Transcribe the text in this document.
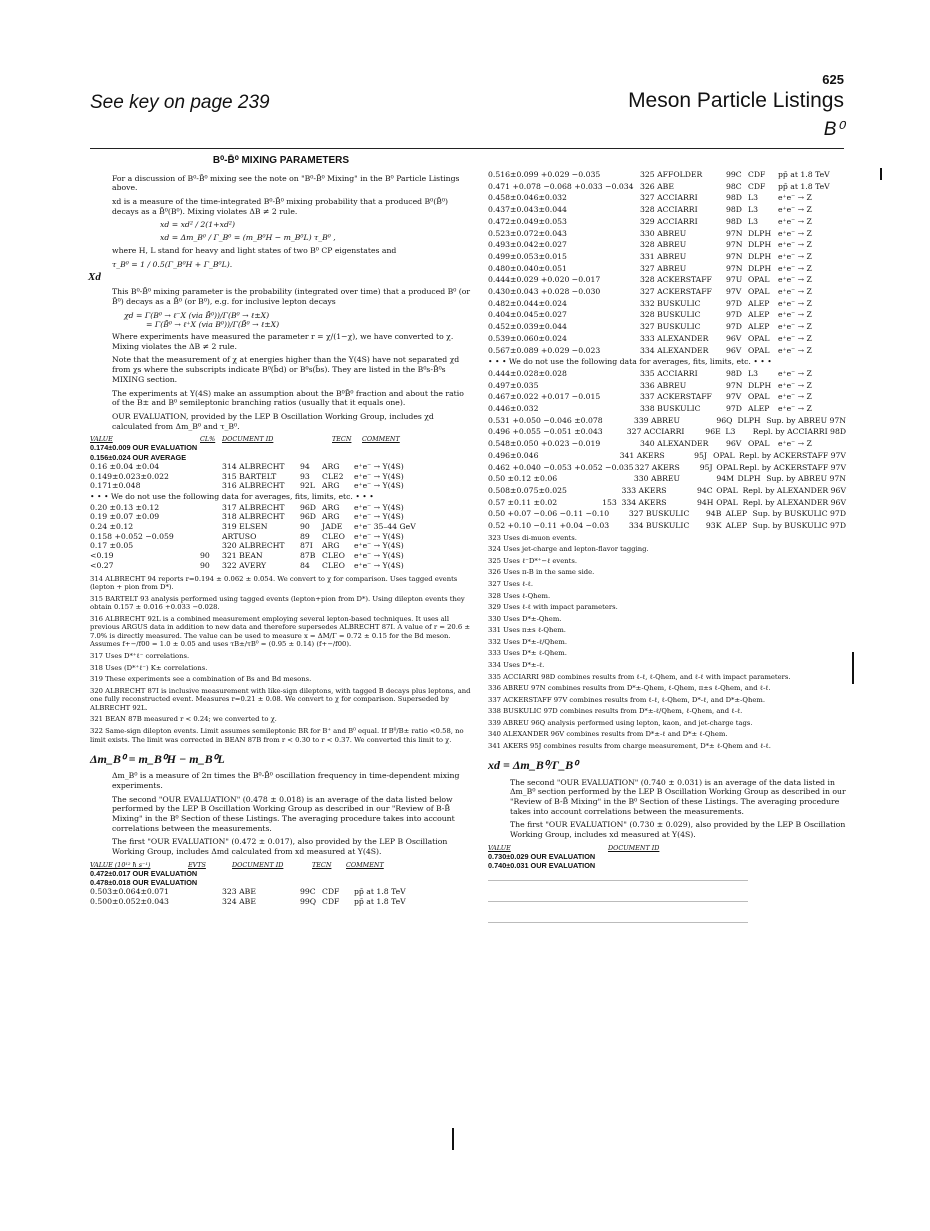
See key on page 239
625
Meson Particle Listings
B⁰
B⁰-B̄⁰ MIXING PARAMETERS

For a discussion of B⁰-B̄⁰ mixing see the note on "B⁰-B̄⁰ Mixing" in the B⁰ Particle Listings above.

xd is a measure of the time-integrated B⁰-B̄⁰ mixing probability that a produced B⁰(B̄⁰) decays as a B̄⁰(B⁰). Mixing violates ΔB ≠ 2 rule.

xd = xd² / 2(1+xd²)
xd = Δm_B⁰ / Γ_B⁰ = (m_B⁰H − m_B⁰L) τ_B⁰ ,

where H, L stand for heavy and light states of two B⁰ CP eigenstates and

τ_B⁰ = 1 / 0.5(Γ_B⁰H + Γ_B⁰L).
Xd

This B⁰-B̄⁰ mixing parameter is the probability (integrated over time) that a produced B⁰ (or B̄⁰) decays as a B̄⁰ (or B⁰), e.g. for inclusive lepton decays

χd = Γ(B⁰ → ℓ⁻X (via B̄⁰))/Γ(B⁰ → ℓ±X)
= Γ(B̄⁰ → ℓ⁺X (via B⁰))/Γ(B̄⁰ → ℓ±X)

Where experiments have measured the parameter r = χ/(1−χ), we have converted to χ. Mixing violates the ΔB ≠ 2 rule.

Note that the measurement of χ at energies higher than the Υ(4S) have not separated χd from χs where the subscripts indicate B⁰(b̄d) or B⁰s(b̄s). They are listed in the B⁰s-B̄⁰s MIXING section.

The experiments at Υ(4S) make an assumption about the B⁰B̄⁰ fraction and about the ratio of the B± and B⁰ semileptonic branching ratios (usually that it equals one).

OUR EVALUATION, provided by the LEP B Oscillation Working Group, includes χd calculated from Δm_B⁰ and τ_B⁰.

VALUE	CL%	DOCUMENT ID	TECN	COMMENT
0.174±0.009 OUR EVALUATION
0.156±0.024 OUR AVERAGE
0.16 ±0.04 ±0.04	314 ALBRECHT	94	ARG	e⁺e⁻ → Υ(4S)
0.149±0.023±0.022	315 BARTELT	93	CLE2	e⁺e⁻ → Υ(4S)
0.171±0.048	316 ALBRECHT	92L ARG	e⁺e⁻ → Υ(4S)
• • • We do not use the following data for averages, fits, limits, etc. • • •
0.20 ±0.13 ±0.12	317 ALBRECHT	96D ARG	e⁺e⁻ → Υ(4S)
0.19 ±0.07 ±0.09	318 ALBRECHT	96D ARG	e⁺e⁻ → Υ(4S)
0.24 ±0.12	319 ELSEN	90	JADE	e⁺e⁻ 35–44 GeV
0.158 +0.052 −0.059	ARTUSO	89	CLEO	e⁺e⁻ → Υ(4S)
0.17 ±0.05	320 ALBRECHT	87I	ARG	e⁺e⁻ → Υ(4S)
<0.19	90	321 BEAN	87B CLEO	e⁺e⁻ → Υ(4S)
<0.27	90	322 AVERY	84	CLEO	e⁺e⁻ → Υ(4S)
314 ALBRECHT 94 reports r=0.194 ± 0.062 ± 0.054. We convert to χ for comparison. Uses tagged events (lepton + pion from D*).
315 BARTELT 93 analysis performed using tagged events (lepton+pion from D*). Using dilepton events they obtain 0.157 ± 0.016 +0.033 −0.028.
316 ALBRECHT 92L is a combined measurement employing several lepton-based techniques. It uses all previous ARGUS data in addition to new data and therefore supersedes ALBRECHT 87I. A value of r = 20.6 ± 7.0% is directly measured. The value can be used to measure x = ΔM/Γ = 0.72 ± 0.15 for the Bd meson. Assumes f+−/f00 = 1.0 ± 0.05 and uses τB±/τB⁰ = (0.95 ± 0.14) (f+−/f00).
317 Uses D*⁺ℓ⁻ correlations.
318 Uses (D*⁺ℓ⁻) K± correlations.
319 These experiments see a combination of Bs and Bd mesons.
320 ALBRECHT 87I is inclusive measurement with like-sign dileptons, with tagged B decays plus leptons, and one fully reconstructed event. Measures r=0.21 ± 0.08. We convert to χ for comparison. Superseded by ALBRECHT 92L.
321 BEAN 87B measured r < 0.24; we converted to χ.
322 Same-sign dilepton events. Limit assumes semileptonic BR for B⁺ and B⁰ equal. If B⁰/B± ratio <0.58, no limit exists. The limit was corrected in BEAN 87B from r < 0.30 to r < 0.37. We converted this limit to χ.
Δm_B⁰ = m_B⁰H − m_B⁰L

Δm_B⁰ is a measure of 2π times the B⁰-B̄⁰ oscillation frequency in time-dependent mixing experiments.

The second "OUR EVALUATION" (0.478 ± 0.018) is an average of the data listed below performed by the LEP B Oscillation Working Group as described in our "Review of B-B̄ Mixing" in the B⁰ Section of these Listings. The averaging procedure takes into account correlations between the measurements.

The first "OUR EVALUATION" (0.472 ± 0.017), also provided by the LEP B Oscillation Working Group, includes Δmd calculated from xd measured at Υ(4S).

VALUE (10¹² ħ s⁻¹)	EVTS	DOCUMENT ID	TECN	COMMENT
0.472±0.017 OUR EVALUATION
0.478±0.018 OUR EVALUATION
0.503±0.064±0.071	323 ABE	99C CDF	pp̄ at 1.8 TeV
0.500±0.052±0.043	324 ABE	99Q CDF	pp̄ at 1.8 TeV
0.516±0.099 +0.029 −0.035	325 AFFOLDER	99C CDF	pp̄ at 1.8 TeV
0.471 +0.078 −0.068 +0.033 −0.034 326 ABE	98C CDF	pp̄ at 1.8 TeV
0.458±0.046±0.032	327 ACCIARRI	98D L3	e⁺e⁻ → Z
0.437±0.043±0.044	328 ACCIARRI	98D L3	e⁺e⁻ → Z
0.472±0.049±0.053	329 ACCIARRI	98D L3	e⁺e⁻ → Z
0.523±0.072±0.043	330 ABREU	97N DLPH e⁺e⁻ → Z
0.493±0.042±0.027	328 ABREU	97N DLPH e⁺e⁻ → Z
0.499±0.053±0.015	331 ABREU	97N DLPH e⁺e⁻ → Z
0.480±0.040±0.051	327 ABREU	97N DLPH e⁺e⁻ → Z
0.444±0.029 +0.020 −0.017	328 ACKERSTAFF	97U OPAL	e⁺e⁻ → Z
0.430±0.043 +0.028 −0.030	327 ACKERSTAFF	97V OPAL	e⁺e⁻ → Z
0.482±0.044±0.024	332 BUSKULIC	97D ALEP	e⁺e⁻ → Z
0.404±0.045±0.027	328 BUSKULIC	97D ALEP	e⁺e⁻ → Z
0.452±0.039±0.044	327 BUSKULIC	97D ALEP	e⁺e⁻ → Z
0.539±0.060±0.024	333 ALEXANDER	96V OPAL	e⁺e⁻ → Z
0.567±0.089 +0.029 −0.023	334 ALEXANDER	96V OPAL	e⁺e⁻ → Z
• • • We do not use the following data for averages, fits, limits, etc. • • •
0.444±0.028±0.028	335 ACCIARRI	98D L3	e⁺e⁻ → Z
0.497±0.035	336 ABREU	97N DLPH e⁺e⁻ → Z
0.467±0.022 +0.017 −0.015	337 ACKERSTAFF	97V OPAL	e⁺e⁻ → Z
0.446±0.032	338 BUSKULIC	97D ALEP	e⁺e⁻ → Z
0.531 +0.050 −0.046 ±0.078	339 ABREU	96Q DLPH Sup. by ABREU 97N
0.496 +0.055 −0.051 ±0.043	327 ACCIARRI	96E L3	Repl. by ACCIARRI 98D
0.548±0.050 +0.023 −0.019	340 ALEXANDER	96V OPAL	e⁺e⁻ → Z
0.496±0.046	341 AKERS	95J OPAL Repl. by ACKERSTAFF 97V
0.462 +0.040 −0.053 +0.052 −0.035 327 AKERS	95J OPAL Repl. by ACKERSTAFF 97V
0.50 ±0.12 ±0.06	330 ABREU	94M DLPH Sup. by ABREU 97N
0.508±0.075±0.025	333 AKERS	94C OPAL Repl. by ALEXANDER 96V
0.57 ±0.11 ±0.02	153 334 AKERS	94H OPAL Repl. by ALEXANDER 96V
0.50 +0.07 −0.06 −0.11 −0.10	327 BUSKULIC	94B ALEP Sup. by BUSKULIC 97D
0.52 +0.10 −0.11 +0.04 −0.03	334 BUSKULIC	93K ALEP Sup. by BUSKULIC 97D
323 Uses di-muon events.
324 Uses jet-charge and lepton-flavor tagging.
325 Uses ℓ⁻D*⁺−ℓ events.
326 Uses π-B in the same side.
327 Uses ℓ-ℓ.
328 Uses ℓ-Qhem.
329 Uses ℓ-ℓ with impact parameters.
330 Uses D*±-Qhem.
331 Uses π±s ℓ-Qhem.
332 Uses D*±-ℓ/Qhem.
333 Uses D*± ℓ-Qhem.
334 Uses D*±-ℓ.
335 ACCIARRI 98D combines results from ℓ-ℓ, ℓ-Qhem, and ℓ-ℓ with impact parameters.
336 ABREU 97N combines results from D*±-Qhem, ℓ-Qhem, π±s ℓ-Qhem, and ℓ-ℓ.
337 ACKERSTAFF 97V combines results from ℓ-ℓ, ℓ-Qhem, D*-ℓ, and D*±-Qhem.
338 BUSKULIC 97D combines results from D*±-ℓ/Qhem, ℓ-Qhem, and ℓ-ℓ.
339 ABREU 96Q analysis performed using lepton, kaon, and jet-charge tags.
340 ALEXANDER 96V combines results from D*±-ℓ and D*± ℓ-Qhem.
341 AKERS 95J combines results from charge measurement, D*± ℓ-Qhem and ℓ-ℓ.
xd = Δm_B⁰/Γ_B⁰

The second "OUR EVALUATION" (0.740 ± 0.031) is an average of the data listed in Δm_B⁰ section performed by the LEP B Oscillation Working Group as described in our "Review of B-B̄ Mixing" in the B⁰ Section of these Listings. The averaging procedure takes into account correlations between the measurements.

The first "OUR EVALUATION" (0.730 ± 0.029), also provided by the LEP B Oscillation Working Group, includes xd measured at Υ(4S).

VALUE	DOCUMENT ID
0.730±0.029 OUR EVALUATION
0.740±0.031 OUR EVALUATION
